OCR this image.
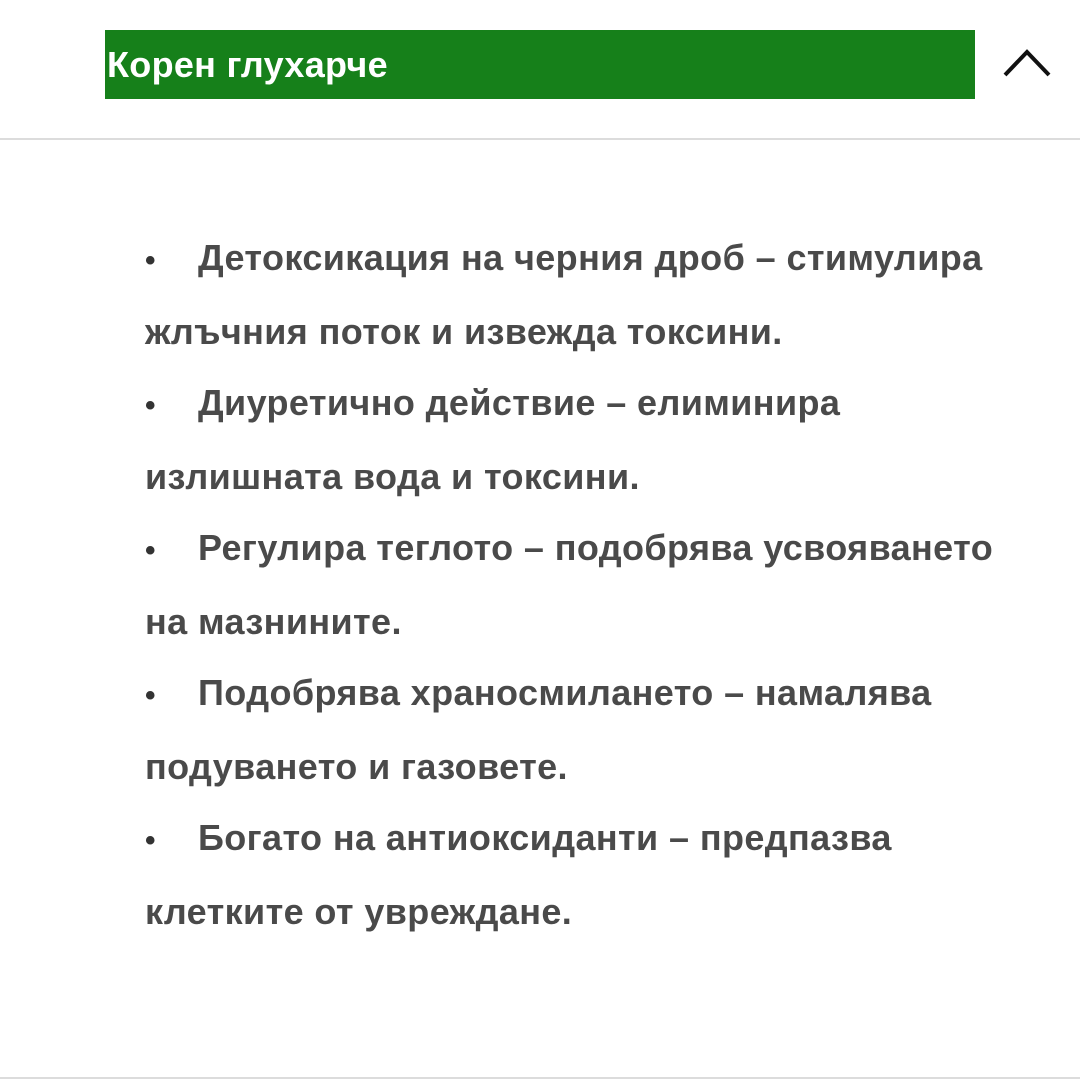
Корен глухарче
• Детоксикация на черния дроб – стимулира жлъчния поток и извежда токсини.
• Диуретично действие – елиминира излишната вода и токсини.
• Регулира теглото – подобрява усвояването на мазнините.
• Подобрява храносмилането – намалява подуването и газовете.
• Богато на антиоксиданти – предпазва клетките от увреждане.
